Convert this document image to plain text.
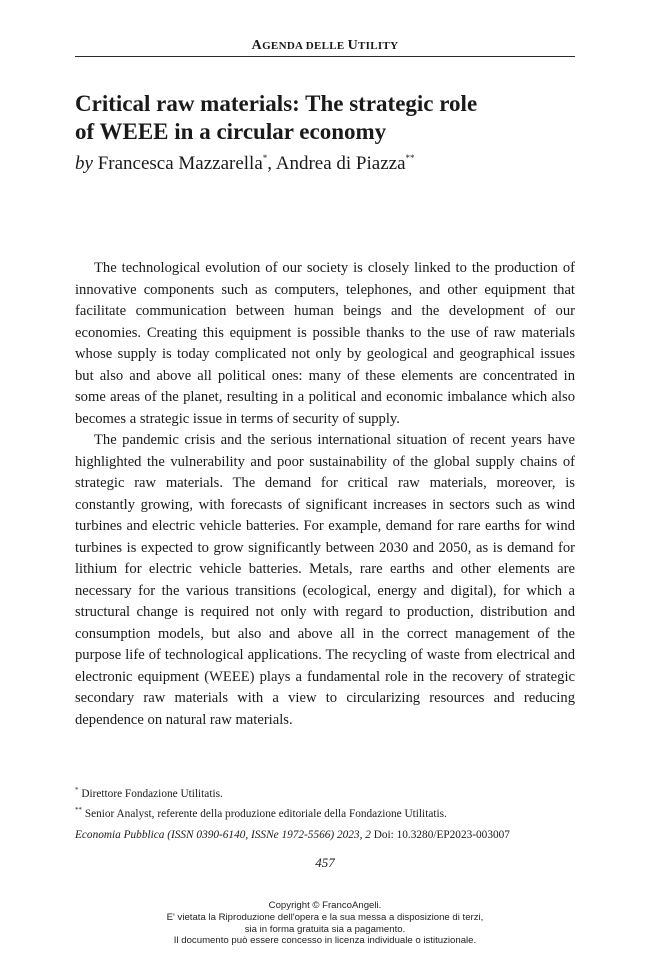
AGENDA DELLE UTILITY
Critical raw materials: The strategic role
of WEEE in a circular economy
by Francesca Mazzarella*, Andrea di Piazza**

The technological evolution of our society is closely linked to the production of innovative components such as computers, telephones, and other equipment that facilitate communication between human beings and the development of our economies. Creating this equipment is possible thanks to the use of raw materials whose supply is today complicated not only by geological and geographical issues but also and above all political ones: many of these elements are concentrated in some areas of the planet, resulting in a political and economic imbalance which also becomes a strategic issue in terms of security of supply.

The pandemic crisis and the serious international situation of recent years have highlighted the vulnerability and poor sustainability of the global supply chains of strategic raw materials. The demand for critical raw materials, moreover, is constantly growing, with forecasts of significant increases in sectors such as wind turbines and electric vehicle batteries. For example, demand for rare earths for wind turbines is expected to grow significantly between 2030 and 2050, as is demand for lithium for electric vehicle batteries. Metals, rare earths and other elements are necessary for the various transitions (ecological, energy and digital), for which a structural change is required not only with regard to production, distribution and consumption models, but also and above all in the correct management of the purpose life of technological applications. The recycling of waste from electrical and electronic equipment (WEEE) plays a fundamental role in the recovery of strategic secondary raw materials with a view to circularizing resources and reducing dependence on natural raw materials.

* Direttore Fondazione Utilitatis.
** Senior Analyst, referente della produzione editoriale della Fondazione Utilitatis.
Economia Pubblica (ISSN 0390-6140, ISSNe 1972-5566) 2023, 2 Doi: 10.3280/EP2023-003007
457
Copyright © FrancoAngeli.
E' vietata la Riproduzione dell'opera e la sua messa a disposizione di terzi,
sia in forma gratuita sia a pagamento.
Il documento può essere concesso in licenza individuale o istituzionale.
